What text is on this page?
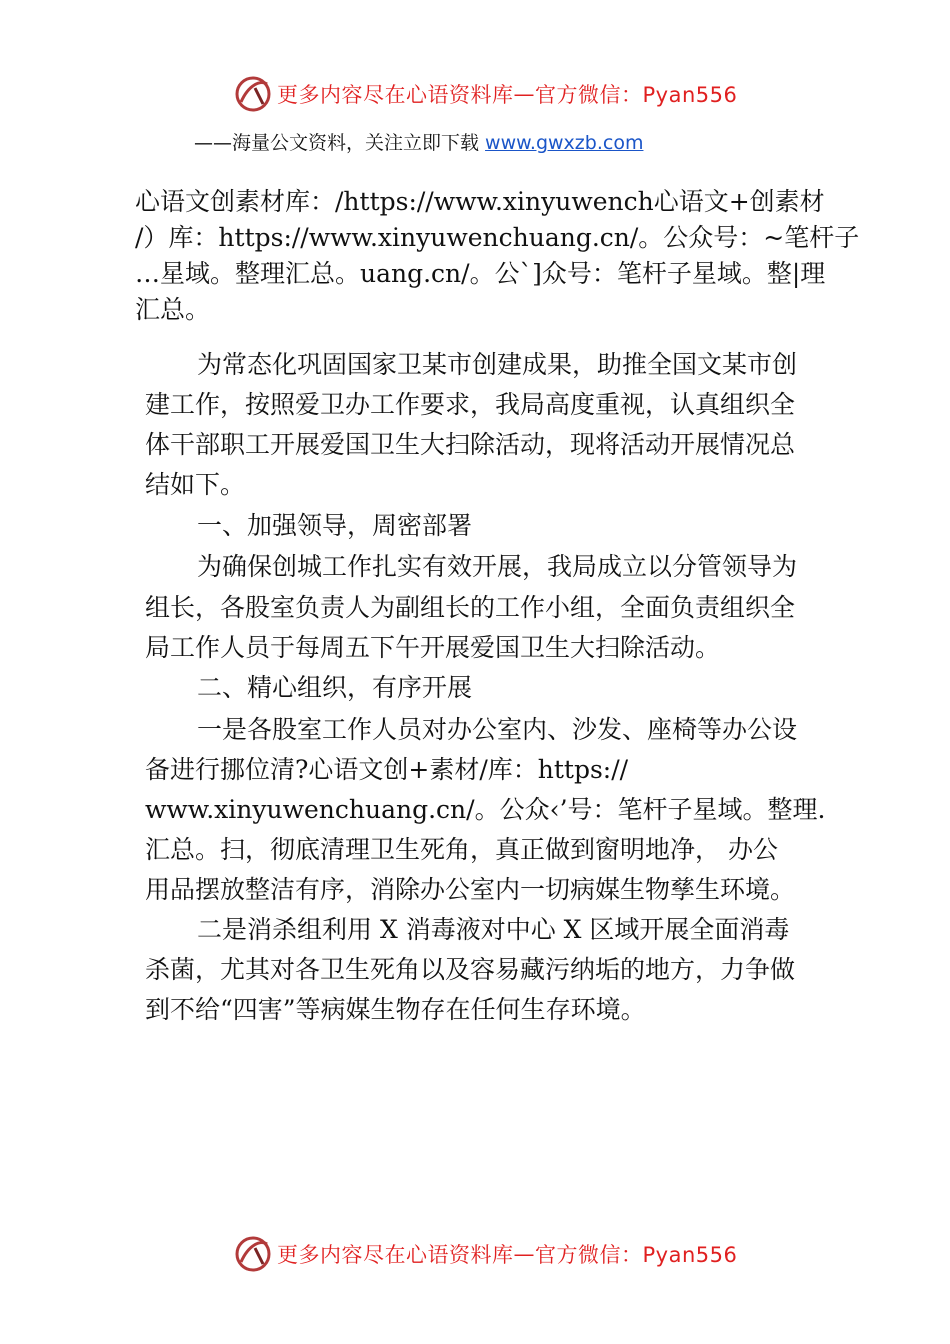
更多内容尽在心语资料库 — 官方微信：Pyan556
——海量公文资料，关注立即下载 www.gwxzb.com

心语文创素材库：/https://www.xinyuwench心语文+创素材

/）库：https://www.xinyuwenchuang.cn/。公众号：~笔杆子

…星域。整理汇总。uang.cn/。公`]众号：笔杆子星域。整|理

汇总。

为常态化巩固国家卫某市创建成果，助推全国文某市创
建工作，按照爱卫办工作要求，我局高度重视，认真组织全
体干部职工开展爱国卫生大扫除活动，现将活动开展情况总
结如下。
一、加强领导，周密部署
为确保创城工作扎实有效开展，我局成立以分管领导为
组长，各股室负责人为副组长的工作小组，全面负责组织全
局工作人员于每周五下午开展爱国卫生大扫除活动。
二、精心组织，有序开展
一是各股室工作人员对办公室内、沙发、座椅等办公设
备进行挪位清?心语文创+素材/库：https://
www.xinyuwenchuang.cn/。公众‹’号：笔杆子星域。整理.
汇总。扫，彻底清理卫生死角，真正做到窗明地净， 办公
用品摆放整洁有序，消除办公室内一切病媒生物孳生环境。
二是消杀组利用 X 消毒液对中心 X 区域开展全面消毒
杀菌，尤其对各卫生死角以及容易藏污纳垢的地方，力争做
到不给“四害”等病媒生物存在任何生存环境。
更多内容尽在心语资料库 — 官方微信：Pyan556
